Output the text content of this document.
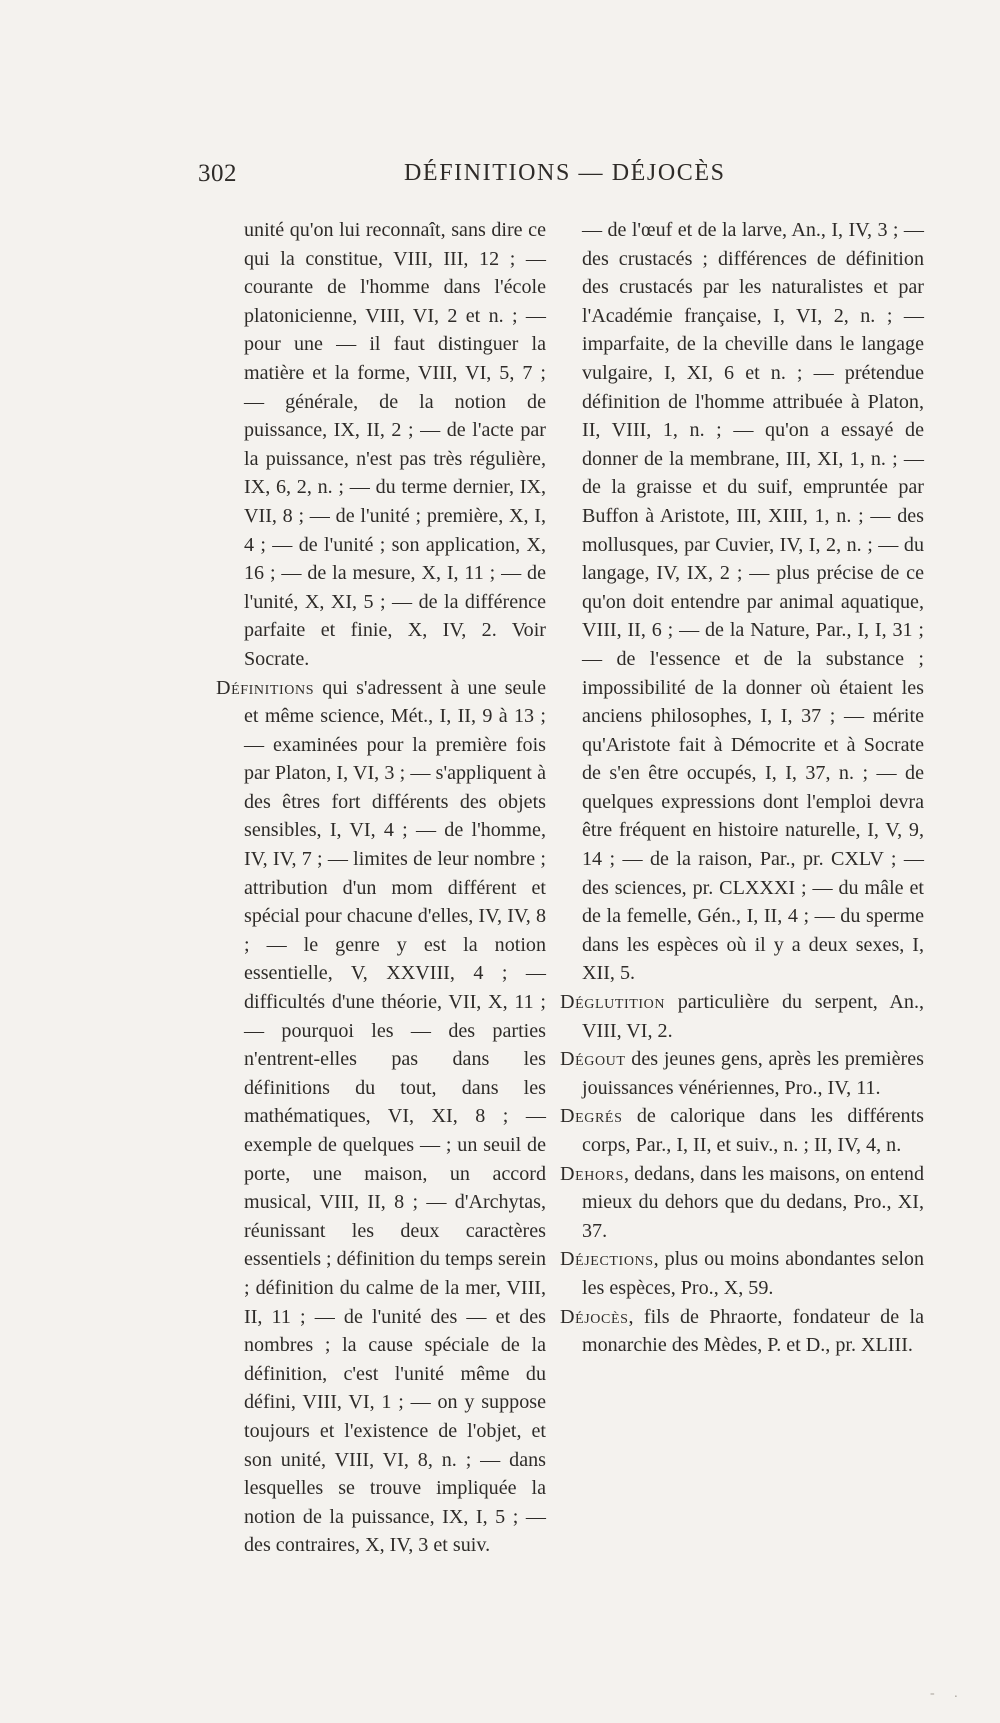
302	DÉFINITIONS — DÉJOCÈS

unité qu'on lui reconnaît, sans dire ce qui la constitue, VIII, III, 12 ; — courante de l'homme dans l'école platonicienne, VIII, VI, 2 et n. ; — pour une — il faut distinguer la matière et la forme, VIII, VI, 5, 7 ; — générale, de la notion de puissance, IX, II, 2 ; — de l'acte par la puissance, n'est pas très régulière, IX, 6, 2, n. ; — du terme dernier, IX, VII, 8 ; — de l'unité ; première, X, I, 4 ; — de l'unité ; son application, X, 16 ; — de la mesure, X, I, 11 ; — de l'unité, X, XI, 5 ; — de la différence parfaite et finie, X, IV, 2. Voir Socrate.

Définitions qui s'adressent à une seule et même science, Mét., I, II, 9 à 13 ; — examinées pour la première fois par Platon, I, VI, 3 ; — s'appliquent à des êtres fort différents des objets sensibles, I, VI, 4 ; — de l'homme, IV, IV, 7 ; — limites de leur nombre ; attribution d'un mom différent et spécial pour chacune d'elles, IV, IV, 8 ; — le genre y est la notion essentielle, V, XXVIII, 4 ; — difficultés d'une théorie, VII, X, 11 ; — pourquoi les — des parties n'entrent-elles pas dans les définitions du tout, dans les mathématiques, VI, XI, 8 ; — exemple de quelques — ; un seuil de porte, une maison, un accord musical, VIII, II, 8 ; — d'Archytas, réunissant les deux caractères essentiels ; définition du temps serein ; définition du calme de la mer, VIII, II, 11 ; — de l'unité des — et des nombres ; la cause spéciale de la définition, c'est l'unité même du défini, VIII, VI, 1 ; — on y suppose toujours et l'existence de l'objet, et son unité, VIII, VI, 8, n. ; — dans lesquelles se trouve impliquée la notion de la puissance, IX, I, 5 ; — des contraires, X, IV, 3 et suiv.

— de l'œuf et de la larve, An., I, IV, 3 ; — des crustacés ; différences de définition des crustacés par les naturalistes et par l'Académie française, I, VI, 2, n. ; — imparfaite, de la cheville dans le langage vulgaire, I, XI, 6 et n. ; — prétendue définition de l'homme attribuée à Platon, II, VIII, 1, n. ; — qu'on a essayé de donner de la membrane, III, XI, 1, n. ; — de la graisse et du suif, empruntée par Buffon à Aristote, III, XIII, 1, n. ; — des mollusques, par Cuvier, IV, I, 2, n. ; — du langage, IV, IX, 2 ; — plus précise de ce qu'on doit entendre par animal aquatique, VIII, II, 6 ; — de la Nature, Par., I, I, 31 ; — de l'essence et de la substance ; impossibilité de la donner où étaient les anciens philosophes, I, I, 37 ; — mérite qu'Aristote fait à Démocrite et à Socrate de s'en être occupés, I, I, 37, n. ; — de quelques expressions dont l'emploi devra être fréquent en histoire naturelle, I, V, 9, 14 ; — de la raison, Par., pr. CXLV ; — des sciences, pr. CLXXXI ; — du mâle et de la femelle, Gén., I, II, 4 ; — du sperme dans les espèces où il y a deux sexes, I, XII, 5.

Déglutition particulière du serpent, An., VIII, VI, 2.

Dégout des jeunes gens, après les premières jouissances vénériennes, Pro., IV, 11.

Degrés de calorique dans les différents corps, Par., I, II, et suiv., n. ; II, IV, 4, n.

Dehors, dedans, dans les maisons, on entend mieux du dehors que du dedans, Pro., XI, 37.

Déjections, plus ou moins abondantes selon les espèces, Pro., X, 59.

Déjocès, fils de Phraorte, fondateur de la monarchie des Mèdes, P. et D., pr. XLIII.

- .
